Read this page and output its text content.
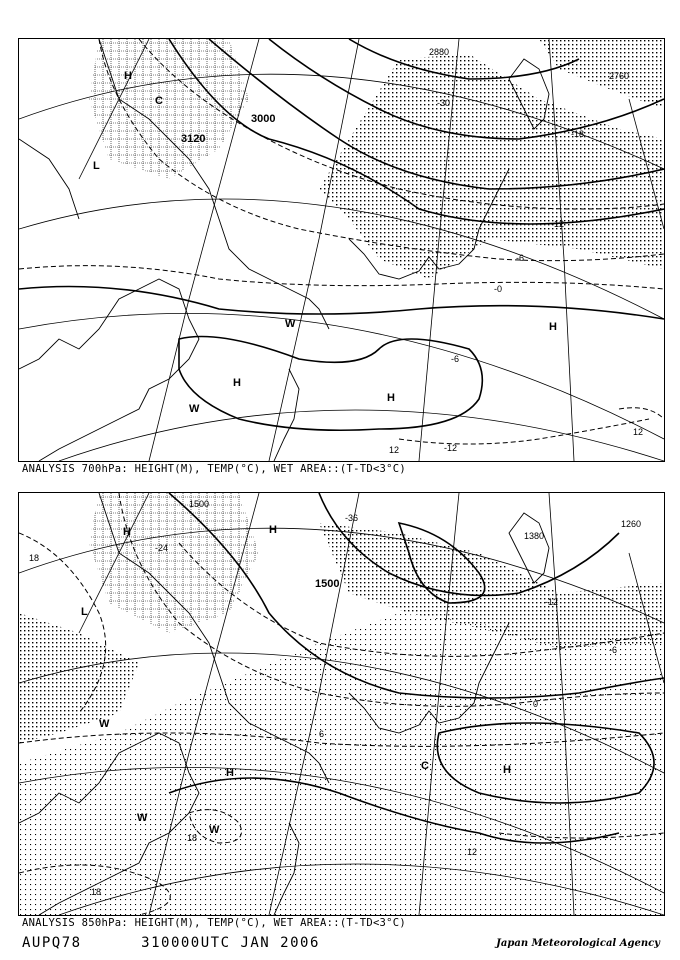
3120
3000
2880
2760
-30
-18
-12
-6
-0
-6
12
12
-12
H
H
H
L
W
W
C
H
ANALYSIS 700hPa: HEIGHT(M), TEMP(°C), WET AREA::(T-TD<3°C)
1500
1380
1500
1260
18
-24
-36
-12
-6
0
6
12
18
18
H	H
H
L
W
W
W
C
H
ANALYSIS 850hPa: HEIGHT(M), TEMP(°C), WET AREA::(T-TD<3°C)
AUPQ78	310000UTC JAN 2006	Japan Meteorological Agency
